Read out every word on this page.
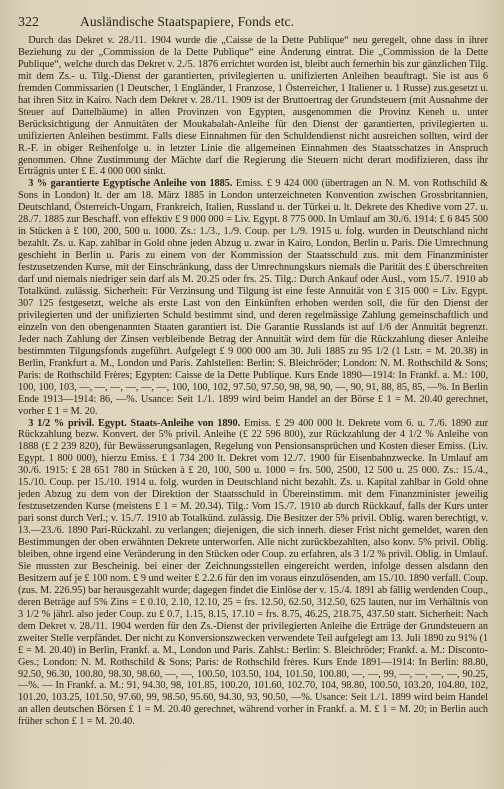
322	Ausländische Staatspapiere, Fonds etc.

 Durch das Dekret v. 28./11. 1904 wurde die „Caisse de la Dette Publique“ neu geregelt, ohne dass in ihrer Beziehung zu der „Commission de la Dette Publique“ eine Änderung eintrat. Die „Commission de la Dette Publique“, welche durch das Dekret v. 2./5. 1876 errichtet worden ist, bleibt auch fernerhin bis zur gänzlichen Tilg. mit dem Zs.- u. Tilg.-Dienst der garantierten, privilegierten u. unifizierten Anleihen beauftragt. Sie ist aus 6 fremden Commissarien (1 Deutscher, 1 Engländer, 1 Franzose, 1 Österreicher, 1 Italiener u. 1 Russe) zus.gesetzt u. hat ihren Sitz in Kairo. Nach dem Dekret v. 28./11. 1909 ist der Bruttoertrag der Grundsteuern (mit Ausnahme der Steuer auf Dattelbäume) in allen Provinzen von Egypten, ausgenommen die Provinz Keneh u. unter Berücksichtigung der Annuitäten der Moukabalah-Anleihe für den Dienst der garantierten, privilegierten u. unifizierten Anleihen bestimmt. Falls diese Einnahmen für den Schuldendienst nicht ausreichen sollten, wird der R.-F. in obiger Reihenfolge u. in letzter Linie die allgemeinen Einnahmen des Staatsschatzes in Anspruch genommen. Ohne Zustimmung der Mächte darf die Regierung die Steuern nicht derart modifizieren, dass ihr Erträgnis unter £ E. 4 000 000 sinkt.

 3 % garantierte Egyptische Anleihe von 1885. Emiss. £ 9 424 000 (übertragen an N. M. von Rothschild & Sons in London) lt. der am 18. März 1885 in London unterzeichneten Konvention zwischen Grossbritannien, Deutschland, Österreich-Ungarn, Frankreich, Italien, Russland u. der Türkei u. lt. Dekrete des Khedive vom 27. u. 28./7. 1885 zur Beschaff. von effektiv £ 9 000 000 = Liv. Egypt. 8 775 000. In Umlauf am 30./6. 1914: £ 6 845 500 in Stücken à £ 100, 200, 500 u. 1000. Zs.: 1./3., 1./9. Coup. per 1./9. 1915 u. folg. wurden in Deutschland nicht bezahlt. Zs. u. Kap. zahlbar in Gold ohne jeden Abzug u. zwar in Kairo, London, Berlin u. Paris. Die Umrechnung geschieht in Berlin u. Paris zu einem von der Kommission der Staatsschuld zus. mit dem Finanzminister festzusetzenden Kurse, mit der Einschränkung, dass der Umrechnungskurs niemals die Parität des £ überschreiten darf und niemals niedriger sein darf als M. 20.25 oder frs. 25. Tilg.: Durch Ankauf oder Ausl., vom 15./7. 1910 ab Totalkünd. zulässig. Sicherheit: Für Verzinsung und Tilgung ist eine feste Annuität von £ 315 000 = Liv. Egypt. 307 125 festgesetzt, welche als erste Last von den Einkünften erhoben werden soll, die für den Dienst der privilegierten und der unifizierten Schuld bestimmt sind, und deren regelmässige Zahlung gemeinschaftlich und einzeln von den obengenannten Staaten garantiert ist. Die Garantie Russlands ist auf 1/6 der Annuität begrenzt. Jeder nach Zahlung der Zinsen verbleibende Betrag der Annuität wird dem für die Rückzahlung dieser Anleihe bestimmten Tilgungsfonds zugeführt. Aufgelegt £ 9 000 000 am 30. Juli 1885 zu 95 1/2 (1 Lstr. = M. 20.38) in Berlin, Frankfurt a. M., London und Paris. Zahlstellen: Berlin: S. Bleichröder; London: N. M. Rothschild & Sons; Paris: de Rothschild Frères; Egypten: Caisse de la Dette Publique. Kurs Ende 1890—1914: In Frankf. a. M.: 100, 100, 100, 103, —, —, —, —, —, —, 100, 100, 102, 97.50, 97.50, 98, 98, 90, —, 90, 91, 88, 85, 85, —%. In Berlin Ende 1913—1914: 86, —%. Usance: Seit 1./1. 1899 wird beim Handel an der Börse £ 1 = M. 20.40 gerechnet, vorher £ 1 = M. 20.

 3 1/2 % privil. Egypt. Staats-Anleihe von 1890. Emiss. £ 29 400 000 lt. Dekrete vom 6. u. 7./6. 1890 zur Rückzahlung bezw. Konvert. der 5% privil. Anleihe (£ 22 596 800), zur Rückzahlung der 4 1/2 % Anleihe von 1888 (£ 2 239 820), für Bewässerungsanlagen, Regelung von Pensionsansprüchen und Kosten dieser Emiss. (Liv. Egypt. 1 800 000), hierzu Emiss. £ 1 734 200 lt. Dekret vom 12./7. 1900 für Eisenbahnzwecke. In Umlauf am 30./6. 1915: £ 28 651 780 in Stücken à £ 20, 100, 500 u. 1000 = frs. 500, 2500, 12 500 u. 25 000. Zs.: 15./4., 15./10. Coup. per 15./10. 1914 u. folg. wurden in Deutschland nicht bezahlt. Zs. u. Kapital zahlbar in Gold ohne jeden Abzug zu dem von der Direktion der Staatsschuld in Übereinstimm. mit dem Finanzminister jeweilig festzusetzenden Kurse (meistens £ 1 = M. 20.34). Tilg.: Vom 15./7. 1910 ab durch Rückkauf, falls der Kurs unter pari sonst durch Verl.; v. 15./7. 1910 ab Totalkünd. zulässig. Die Besitzer der 5% privil. Oblig. waren berechtigt, v. 13.—23./6. 1890 Pari-Rückzahl. zu verlangen; diejenigen, die sich innerh. dieser Frist nicht gemeldet, waren den Bestimmungen der oben erwähnten Dekrete unterworfen. Alle nicht zurückbezahlten, also konv. 5% privil. Oblig. bleiben, ohne irgend eine Veränderung in den Stücken oder Coup. zu erfahren, als 3 1/2 % privil. Oblig. in Umlauf. Sie mussten zur Bescheinig. bei einer der Zeichnungsstellen eingereicht werden, infolge dessen alsdann den Besitzern auf je £ 100 nom. £ 9 und weiter £ 2.2.6 für den im voraus einzulösenden, am 15./10. 1890 verfall. Coup. (zus. M. 226.95) bar herausgezahlt wurde; dagegen findet die Einlöse der v. 15./4. 1891 ab fällig werdenden Coup., deren Beträge auf 5% Zins = £ 0.10, 2.10, 12.10, 25 = frs. 12.50, 62.50, 312.50, 625 lauten, nur im Verhältnis von 3 1/2 % jährl. also jeder Coup. zu £ 0.7, 1.15, 8.15, 17.10 = frs. 8.75, 46.25, 218.75, 437.50 statt. Sicherheit: Nach dem Dekret v. 28./11. 1904 werden für den Zs.-Dienst der privilegierten Anleihe die Erträge der Grundsteuern an zweiter Stelle verpfändet. Der nicht zu Konversionszwecken verwendete Teil aufgelegt am 13. Juli 1890 zu 91% (1 £ = M. 20.40) in Berlin, Frankf. a. M., London und Paris. Zahlst.: Berlin: S. Bleichröder; Frankf. a. M.: Disconto-Ges.; London: N. M. Rothschild & Sons; Paris: de Rothschild frères. Kurs Ende 1891—1914: In Berlin: 88.80, 92.50, 96.30, 100.80, 98.30, 98.60, —, —, 100.50, 103.50, 104, 101.50, 100.80, —, —, 99, —, —, —, —, 90.25, —%. — In Frankf. a. M.: 91, 94.30, 98, 101.85, 100.20, 101.60, 102.70, 104, 98.80, 100.50, 103.20, 104.80, 102, 101.20, 103.25, 101.50, 97.60, 99, 98.50, 95.60, 94.30, 93, 90.50, —%. Usance: Seit 1./1. 1899 wird beim Handel an allen deutschen Börsen £ 1 = M. 20.40 gerechnet, während vorher in Frankf. a. M. £ 1 = M. 20; in Berlin auch früher schon £ 1 = M. 20.40.
